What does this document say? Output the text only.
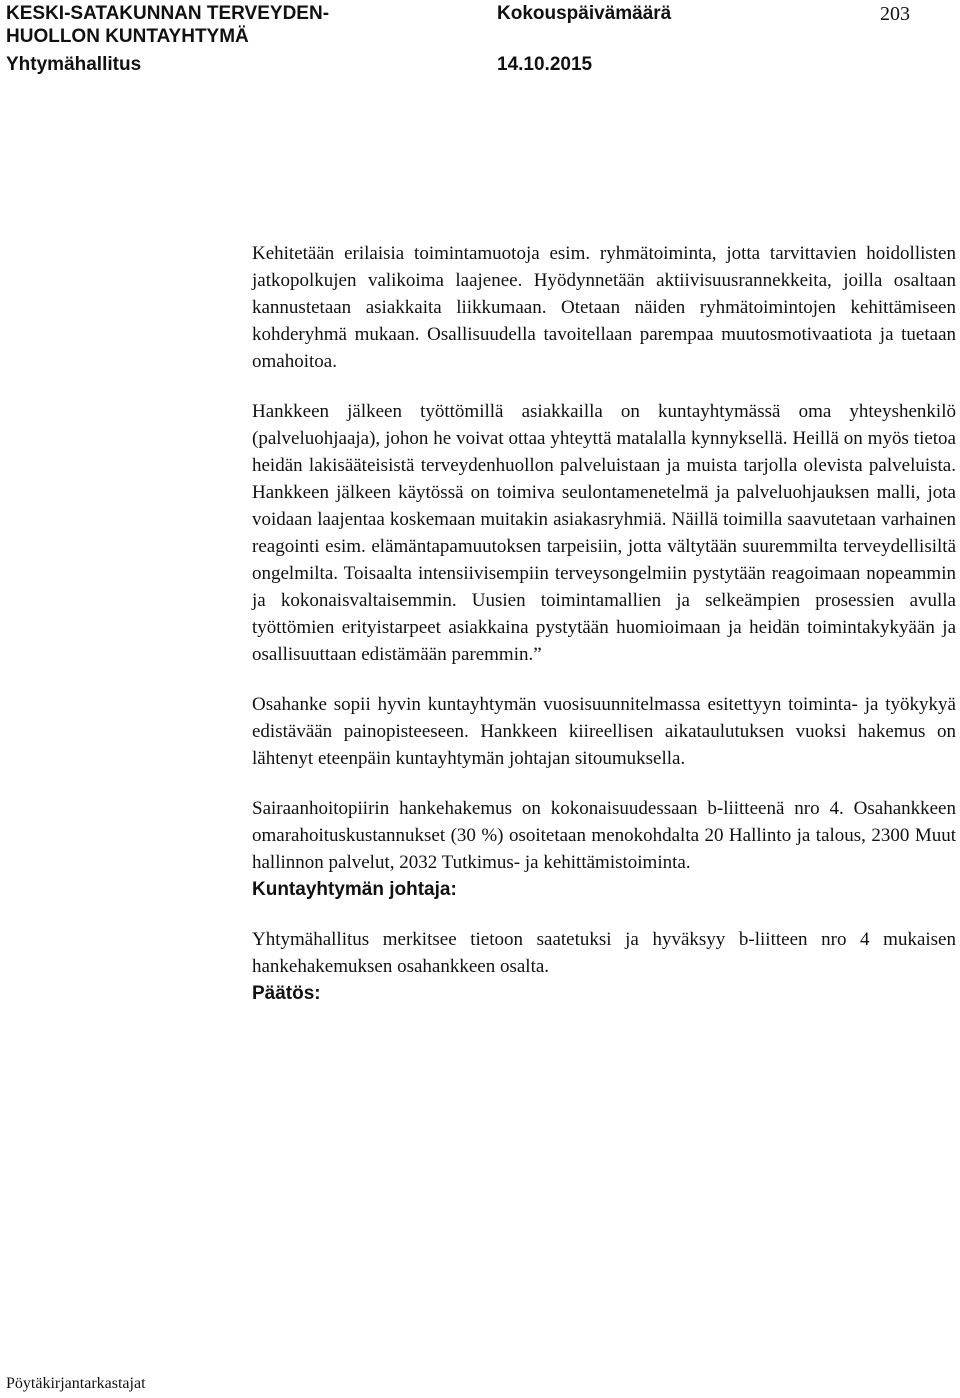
KESKI-SATAKUNNAN TERVEYDEN-
HUOLLON KUNTAYHTYMÄ
Yhtymähallitus
Kokouspäivämäärä
14.10.2015
203

Kehitetään erilaisia toimintamuotoja esim. ryhmätoiminta, jotta tarvittavien hoidollisten jatkopolkujen valikoima laajenee. Hyödynnetään aktiivisuusrannekkeita, joilla osaltaan kannustetaan asiakkaita liikkumaan. Otetaan näiden ryhmätoimintojen kehittämiseen kohderyhmä mukaan. Osallisuudella tavoitellaan parempaa muutosmotivaatiota ja tuetaan omahoitoa.

Hankkeen jälkeen työttömillä asiakkailla on kuntayhtymässä oma yhteyshenkilö (palveluohjaaja), johon he voivat ottaa yhteyttä matalalla kynnyksellä. Heillä on myös tietoa heidän lakisääteisistä terveydenhuollon palveluistaan ja muista tarjolla olevista palveluista. Hankkeen jälkeen käytössä on toimiva seulontamenetelmä ja palveluohjauksen malli, jota voidaan laajentaa koskemaan muitakin asiakasryhmiä. Näillä toimilla saavutetaan varhainen reagointi esim. elämäntapamuutoksen tarpeisiin, jotta vältytään suuremmilta terveydellisiltä ongelmilta. Toisaalta intensiivisempiin terveysongelmiin pystytään reagoimaan nopeammin ja kokonaisvaltaisemmin. Uusien toimintamallien ja selkeämpien prosessien avulla työttömien erityistarpeet asiakkaina pystytään huomioimaan ja heidän toimintakykyään ja osallisuuttaan edistämään paremmin.”

Osahanke sopii hyvin kuntayhtymän vuosisuunnitelmassa esitettyyn toiminta- ja työkykyä edistävään painopisteeseen. Hankkeen kiireellisen aikataulutuksen vuoksi hakemus on lähtenyt eteenpäin kuntayhtymän johtajan sitoumuksella.

Sairaanhoitopiirin hankehakemus on kokonaisuudessaan b-liitteenä nro 4. Osahankkeen omarahoituskustannukset (30 %) osoitetaan menokohdalta 20 Hallinto ja talous, 2300 Muut hallinnon palvelut, 2032 Tutkimus- ja kehittämistoiminta.

Kuntayhtymän johtaja:

Yhtymähallitus merkitsee tietoon saatetuksi ja hyväksyy b-liitteen nro 4 mukaisen hankehakemuksen osahankkeen osalta.

Päätös:
Pöytäkirjantarkastajat
